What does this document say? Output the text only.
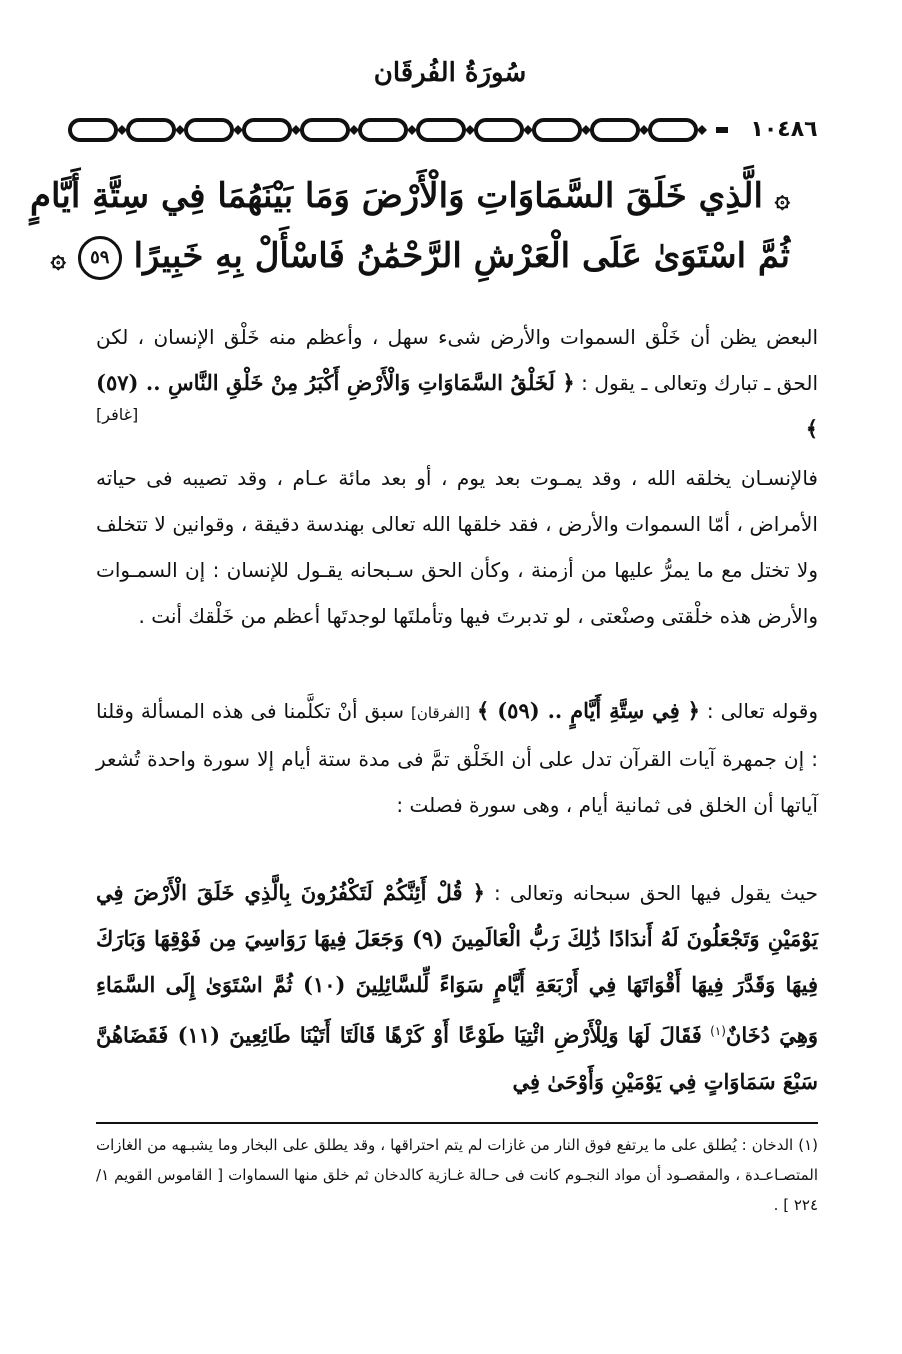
سُورَةُ الفُرقَان
١٠٤٨٦
۞ الَّذِي خَلَقَ السَّمَاوَاتِ وَالْأَرْضَ وَمَا بَيْنَهُمَا فِي سِتَّةِ أَيَّامٍ
ثُمَّ اسْتَوَىٰ عَلَى الْعَرْشِ الرَّحْمَٰنُ فَاسْأَلْ بِهِ خَبِيرًا ٥٩ ۞
البعض يظن أن خَلْق السموات والأرض شىء سهل ، وأعظم منه خَلْق الإنسان ، لكن الحق ـ تبارك وتعالى ـ يقول : ﴿ لَخَلْقُ السَّمَاوَاتِ وَالْأَرْضِ أَكْبَرُ مِنْ خَلْقِ النَّاسِ .. (٥٧) ﴾
[غافر]
فالإنسـان يخلقه الله ، وقد يمـوت بعد يوم ، أو بعد مائة عـام ، وقد تصيبه فى حياته الأمراض ، أمّا السموات والأرض ، فقد خلقها الله تعالى بهندسة دقيقة ، وقوانين لا تتخلف ولا تختل مع ما يمرُّ عليها من أزمنة ، وكأن الحق سـبحانه يقـول للإنسان : إن السمـوات والأرض هذه خلْقتى وصنْعتى ، لو تدبرتَ فيها وتأملتَها لوجدتَها أعظم من خَلْقك أنت .
وقوله تعالى : ﴿ فِي سِتَّةِ أَيَّامٍ .. (٥٩) ﴾ [الفرقان] سبق أنْ تكلَّمنا فى هذه المسألة وقلنا : إن جمهرة آيات القرآن تدل على أن الخَلْق تمَّ فى مدة ستة أيام إلا سورة واحدة تُشعر آياتها أن الخلق فى ثمانية أيام ، وهى سورة فصلت :
حيث يقول فيها الحق سبحانه وتعالى : ﴿ قُلْ أَئِنَّكُمْ لَتَكْفُرُونَ بِالَّذِي خَلَقَ الْأَرْضَ فِي يَوْمَيْنِ وَتَجْعَلُونَ لَهُ أَندَادًا ذَٰلِكَ رَبُّ الْعَالَمِينَ (٩) وَجَعَلَ فِيهَا رَوَاسِيَ مِن فَوْقِهَا وَبَارَكَ فِيهَا وَقَدَّرَ فِيهَا أَقْوَاتَهَا فِي أَرْبَعَةِ أَيَّامٍ سَوَاءً لِّلسَّائِلِينَ (١٠) ثُمَّ اسْتَوَىٰ إِلَى السَّمَاءِ وَهِيَ دُخَانٌ$^{(١)}$ فَقَالَ لَهَا وَلِلْأَرْضِ ائْتِيَا طَوْعًا أَوْ كَرْهًا قَالَتَا أَتَيْنَا طَائِعِينَ (١١) فَقَضَاهُنَّ سَبْعَ سَمَاوَاتٍ فِي يَوْمَيْنِ وَأَوْحَىٰ فِي
(١) الدخان : يُطلق على ما يرتفع فوق النار من غازات لم يتم احتراقها ، وقد يطلق على البخار وما يشبـهه من الغازات المتصـاعـدة ، والمقصـود أن مواد النجـوم كانت فى حـالة غـازية كالدخان ثم خلق منها السماوات [ القاموس القويم ١/ ٢٢٤ ] .
